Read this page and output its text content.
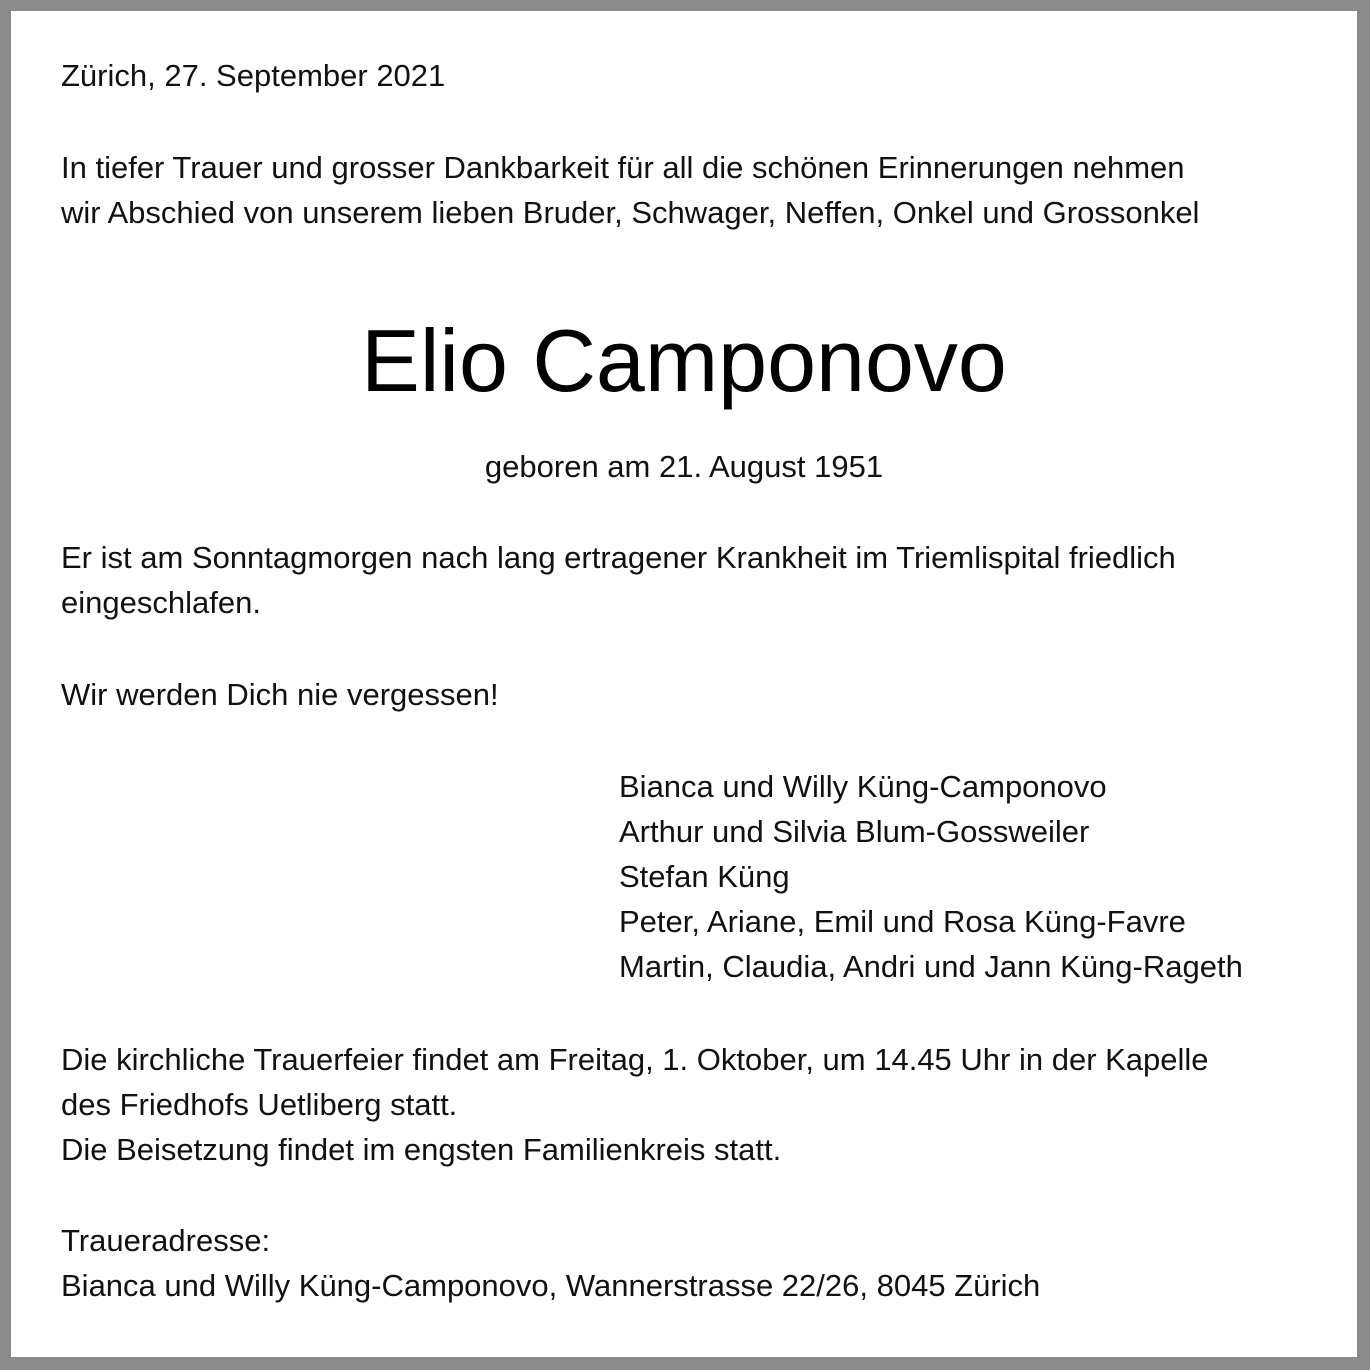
Zürich, 27. September 2021
In tiefer Trauer und grosser Dankbarkeit für all die schönen Erinnerungen nehmen
wir Abschied von unserem lieben Bruder, Schwager, Neffen, Onkel und Grossonkel
Elio Camponovo
geboren am 21. August 1951
Er ist am Sonntagmorgen nach lang ertragener Krankheit im Triemlispital friedlich
eingeschlafen.
Wir werden Dich nie vergessen!
Bianca und Willy Küng-Camponovo
Arthur und Silvia Blum-Gossweiler
Stefan Küng
Peter, Ariane, Emil und Rosa Küng-Favre
Martin, Claudia, Andri und Jann Küng-Rageth
Die kirchliche Trauerfeier findet am Freitag, 1. Oktober, um 14.45 Uhr in der Kapelle
des Friedhofs Uetliberg statt.
Die Beisetzung findet im engsten Familienkreis statt.
Traueradresse:
Bianca und Willy Küng-Camponovo, Wannerstrasse 22/26, 8045 Zürich
